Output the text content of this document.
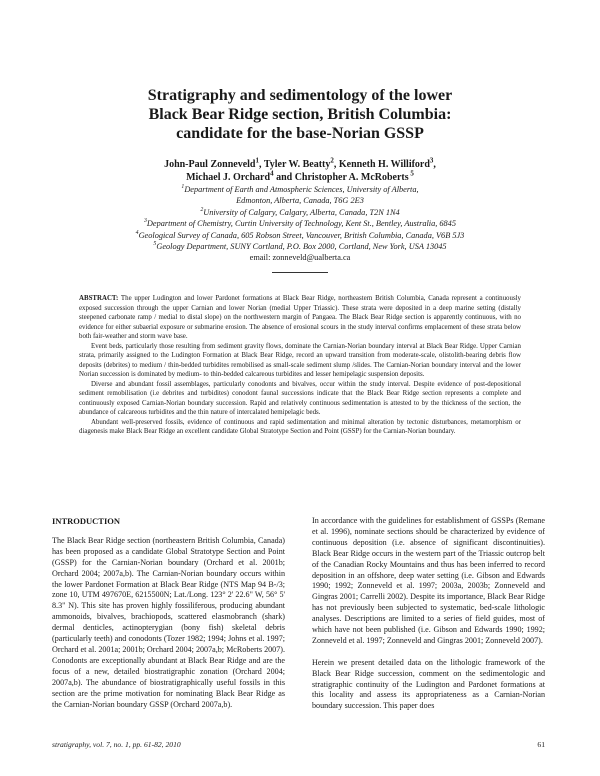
Stratigraphy and sedimentology of the lower
Black Bear Ridge section, British Columbia:
candidate for the base-Norian GSSP
John-Paul Zonneveld$^1$, Tyler W. Beatty$^2$, Kenneth H. Williford$^3$,
Michael J. Orchard$^4$ and Christopher A. McRoberts $^5$
$^1$Department of Earth and Atmospheric Sciences, University of Alberta,
Edmonton, Alberta, Canada, T6G 2E3
$^2$University of Calgary, Calgary, Alberta, Canada, T2N 1N4
$^3$Department of Chemistry, Curtin University of Technology, Kent St., Bentley, Australia, 6845
$^4$Geological Survey of Canada, 605 Robson Street, Vancouver, British Columbia, Canada, V6B 5J3
$^5$Geology Department, SUNY Cortland, P.O. Box 2000, Cortland, New York, USA 13045
email: zonneveld@ualberta.ca

ABSTRACT: The upper Ludington and lower Pardonet formations at Black Bear Ridge, northeastern British Columbia, Canada represent a continuously exposed succession through the upper Carnian and lower Norian (medial Upper Triassic). These strata were deposited in a deep marine setting (distally steepened carbonate ramp / medial to distal slope) on the northwestern margin of Pangaea. The Black Bear Ridge section is apparently continuous, with no evidence for either subaerial exposure or submarine erosion. The absence of erosional scours in the study interval confirms emplacement of these strata below both fair-weather and storm wave base.

Event beds, particularly those resulting from sediment gravity flows, dominate the Carnian-Norian boundary interval at Black Bear Ridge. Upper Carnian strata, primarily assigned to the Ludington Formation at Black Bear Ridge, record an upward transition from moderate-scale, olistolith-bearing debris flow deposits (debrites) to medium / thin-bedded turbidites remobilised as small-scale sediment slump /slides. The Carnian-Norian boundary interval and the lower Norian succession is dominated by medium- to thin-bedded calcareous turbidites and lesser hemipelagic suspension deposits.

Diverse and abundant fossil assemblages, particularly conodonts and bivalves, occur within the study interval. Despite evidence of post-depositional sediment remobilisation (i.e debrites and turbidites) conodont faunal successions indicate that the Black Bear Ridge section represents a complete and continuously exposed Carnian-Norian boundary succession. Rapid and relatively continuous sedimentation is attested to by the thickness of the section, the abundance of calcareous turbidites and the thin nature of intercalated hemipelagic beds.

Abundant well-preserved fossils, evidence of continuous and rapid sedimentation and minimal alteration by tectonic disturbances, metamorphism or diagenesis make Black Bear Ridge an excellent candidate Global Stratotype Section and Point (GSSP) for the Carnian-Norian boundary.

INTRODUCTION

The Black Bear Ridge section (northeastern British Columbia, Canada) has been proposed as a candidate Global Stratotype Section and Point (GSSP) for the Carnian-Norian boundary (Orchard et al. 2001b; Orchard 2004; 2007a,b). The Carnian-Norian boundary occurs within the lower Pardonet Formation at Black Bear Ridge (NTS Map 94 B-/3; zone 10, UTM 497670E, 6215500N; Lat./Long. 123° 2' 22.6" W, 56° 5' 8.3" N). This site has proven highly fossiliferous, producing abundant ammonoids, bivalves, brachiopods, scattered elasmobranch (shark) dermal denticles, actinopterygian (bony fish) skeletal debris (particularly teeth) and conodonts (Tozer 1982; 1994; Johns et al. 1997; Orchard et al. 2001a; 2001b; Orchard 2004; 2007a,b; McRoberts 2007). Conodonts are exceptionally abundant at Black Bear Ridge and are the focus of a new, detailed biostratigraphic zonation (Orchard 2004; 2007a,b). The abundance of biostratigraphically useful fossils in this section are the prime motivation for nominating Black Bear Ridge as the Carnian-Norian boundary GSSP (Orchard 2007a,b).

In accordance with the guidelines for establishment of GSSPs (Remane et al. 1996), nominate sections should be characterized by evidence of continuous deposition (i.e. absence of significant discontinuities). Black Bear Ridge occurs in the western part of the Triassic outcrop belt of the Canadian Rocky Mountains and thus has been inferred to record deposition in an offshore, deep water setting (i.e. Gibson and Edwards 1990; 1992; Zonneveld et al. 1997; 2003a, 2003b; Zonneveld and Gingras 2001; Carrelli 2002). Despite its importance, Black Bear Ridge has not previously been subjected to systematic, bed-scale lithologic analyses. Descriptions are limited to a series of field guides, most of which have not been published (i.e. Gibson and Edwards 1990; 1992; Zonneveld et al. 1997; Zonneveld and Gingras 2001; Zonneveld 2007).

Herein we present detailed data on the lithologic framework of the Black Bear Ridge succession, comment on the sedimentologic and stratigraphic continuity of the Ludington and Pardonet formations at this locality and assess its appropriateness as a Carnian-Norian boundary succession. This paper does

stratigraphy, vol. 7, no. 1, pp. 61-82, 2010	61
